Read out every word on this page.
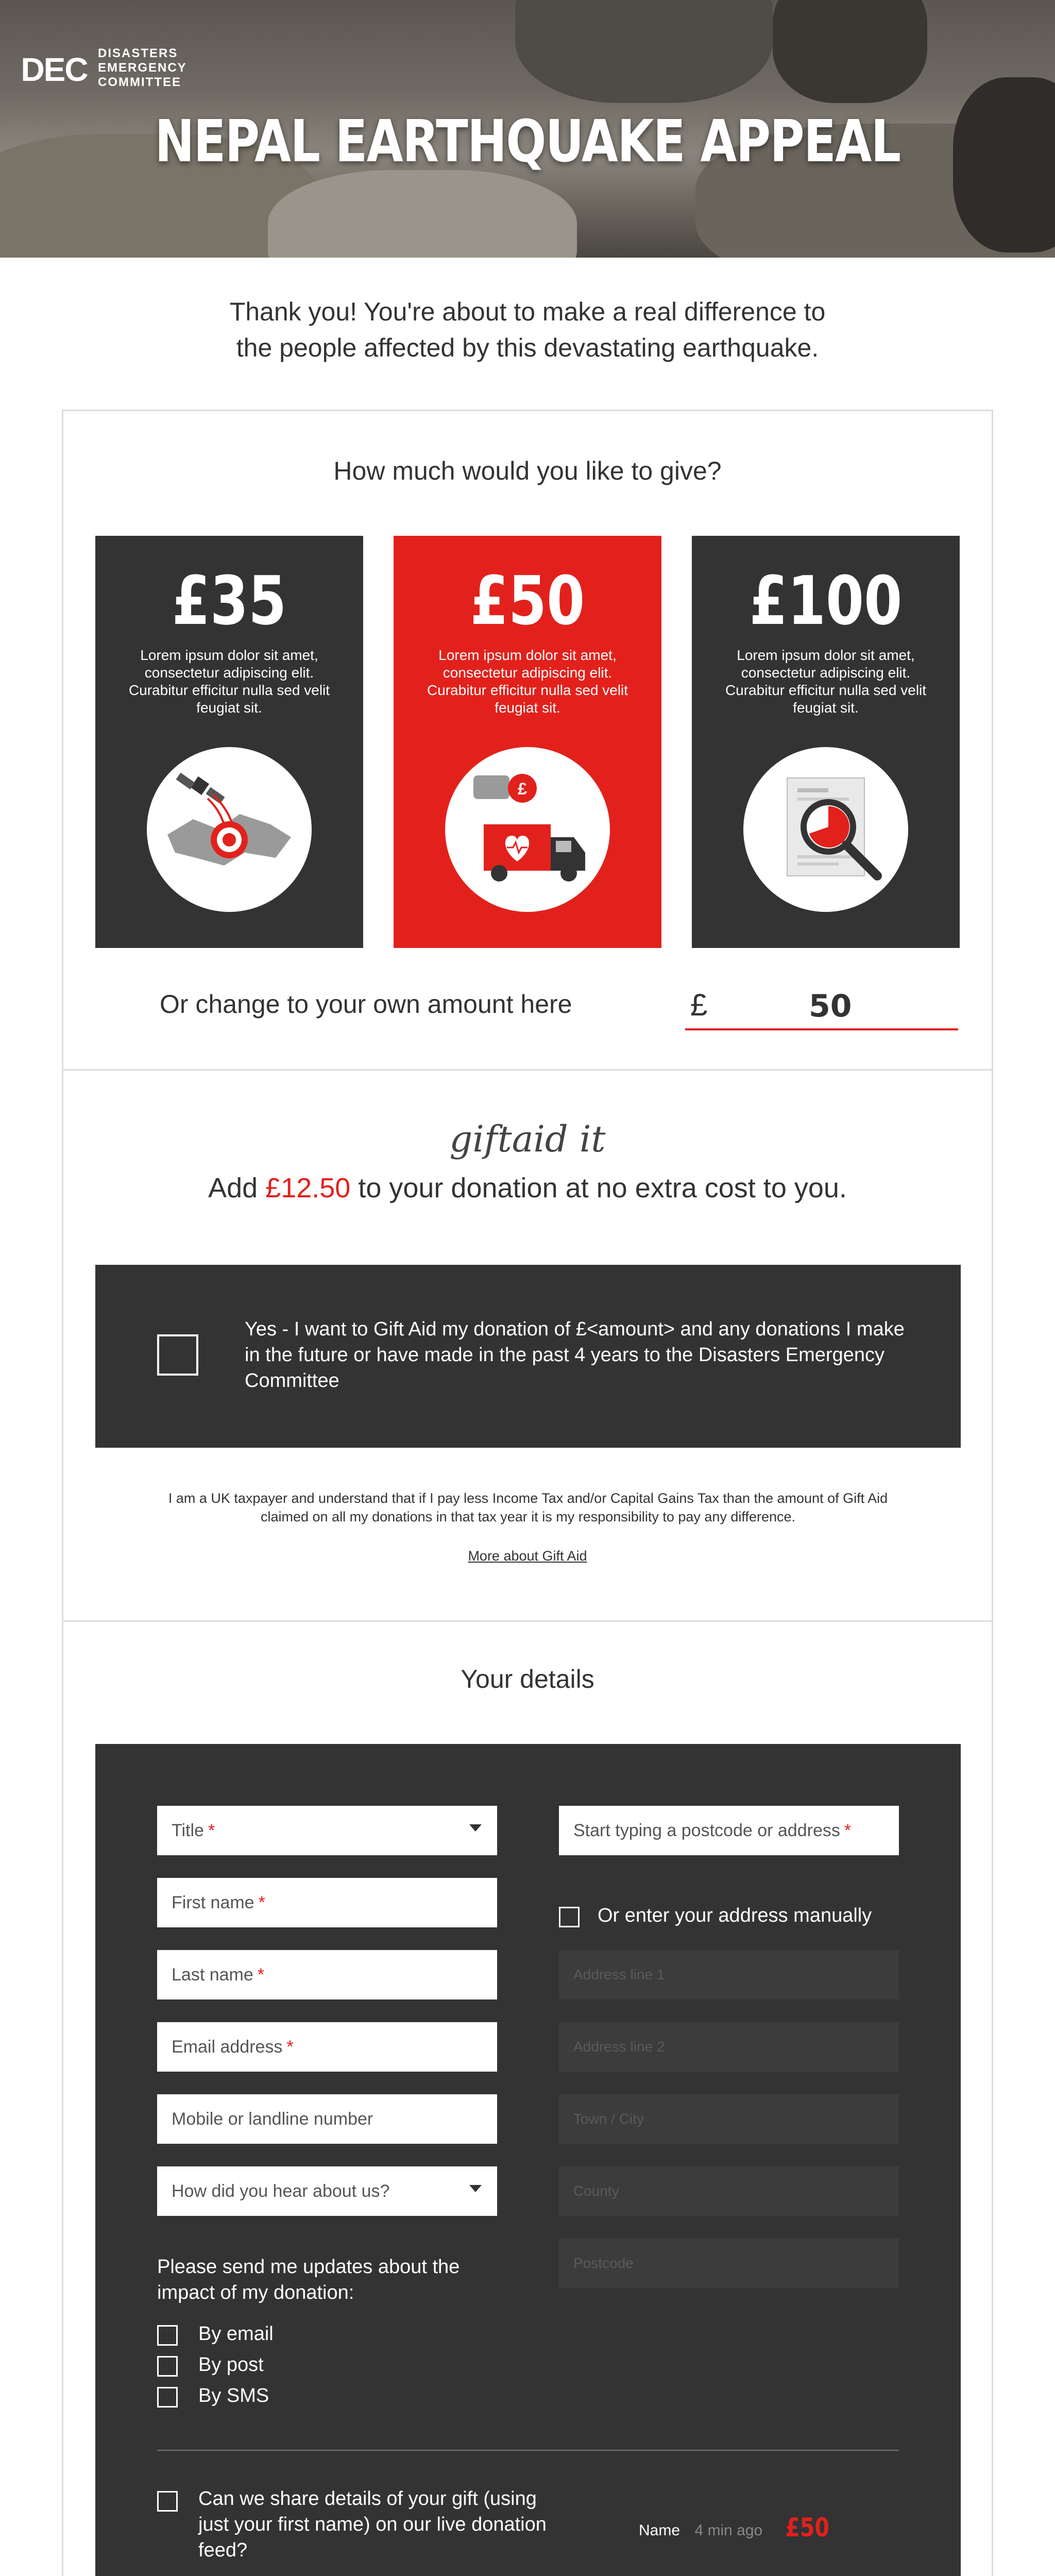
DEC DISASTERS
EMERGENCY
COMMITTEE
NEPAL EARTHQUAKE APPEAL
Thank you! You're about to make a real difference to
the people affected by this devastating earthquake.
How much would you like to give?
£35
Lorem ipsum dolor sit amet, consectetur adipiscing elit. Curabitur efficitur nulla sed velit feugiat sit.
£50
Lorem ipsum dolor sit amet, consectetur adipiscing elit. Curabitur efficitur nulla sed velit feugiat sit.
£
£100
Lorem ipsum dolor sit amet, consectetur adipiscing elit. Curabitur efficitur nulla sed velit feugiat sit.
Or change to your own amount here	£	50
giftaid it
Add £12.50 to your donation at no extra cost to you.
Yes - I want to Gift Aid my donation of £<amount> and any donations I make in the future or have made in the past 4 years to the Disasters Emergency Committee
I am a UK taxpayer and understand that if I pay less Income Tax and/or Capital Gains Tax than the amount of Gift Aid claimed on all my donations in that tax year it is my responsibility to pay any difference.
More about Gift Aid
Your details
Title *
First name *
Last name *
Email address *
Mobile or landline number
How did you hear about us?
Please send me updates about the impact of my donation:
By email
By post
By SMS
Start typing a postcode or address *
Or enter your address manually
Address line 1
Address line 2
Town / City
County
Postcode
Can we share details of your gift (using just your first name) on our live donation feed?
Name 4 min ago £50
